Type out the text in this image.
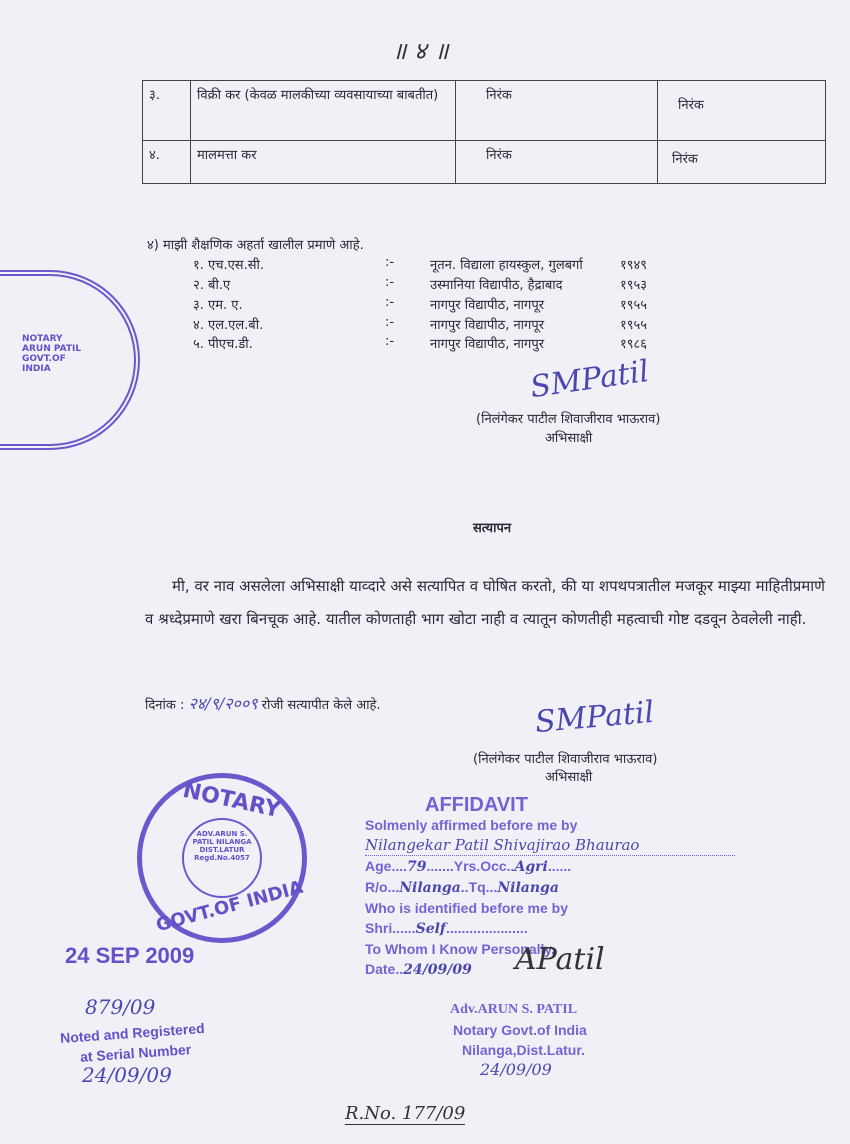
॥ ४ ॥
३.	विक्री कर (केवळ मालकीच्या व्यवसायाच्या बाबतीत)	निरंक	निरंक
४.	मालमत्ता कर	निरंक	निरंक
४) माझी शैक्षणिक अहर्ता खालील प्रमाणे आहे.
१. एच.एस.सी.	:-	नूतन. विद्याला हायस्कुल, गुलबर्गा	१९४९
२. बी.ए	:-	उस्मानिया विद्यापीठ, हैद्राबाद	१९५३
३. एम. ए.	:-	नागपुर विद्यापीठ, नागपूर	१९५५
४. एल.एल.बी.	:-	नागपुर विद्यापीठ, नागपूर	१९५५
५. पीएच.डी.	:-	नागपुर विद्यापीठ, नागपुर	१९८६
SMPatil
(निलंगेकर पाटील शिवाजीराव भाऊराव)
अभिसाक्षी
NOTARY ARUN PATIL GOVT.OF INDIA
सत्यापन
मी, वर नाव असलेला अभिसाक्षी याव्दारे असे सत्यापित व घोषित करतो, की या शपथपत्रातील मजकूर माझ्या माहितीप्रमाणे व श्रध्देप्रमाणे खरा बिनचूक आहे. यातील कोणताही भाग खोटा नाही व त्यातून कोणतीही महत्वाची गोष्ट दडवून ठेवलेली नाही.
दिनांक : २४/९/२००९ रोजी सत्यापीत केले आहे.	SMPatil
(निलंगेकर पाटील शिवाजीराव भाऊराव)
अभिसाक्षी
NOTARY
ADV.ARUN S. PATIL NILANGA DIST.LATUR Regd.No.4057
GOVT.OF INDIA
24 SEP 2009
879/09
Noted and Registered
at Serial Number
24/09/09
AFFIDAVIT
Solmenly affirmed before me by
Nilangekar Patil Shivajirao Bhaurao
Age....79.......Yrs.Occ..Agri......
R/o...Nilanga..Tq...Nilanga
Who is identified before me by
Shri......Self.....................
To Whom I Know Personally.
Date..24/09/09	APatil
Adv.ARUN S. PATIL
Notary Govt.of India
Nilanga,Dist.Latur.
24/09/09
R.No. 177/09
